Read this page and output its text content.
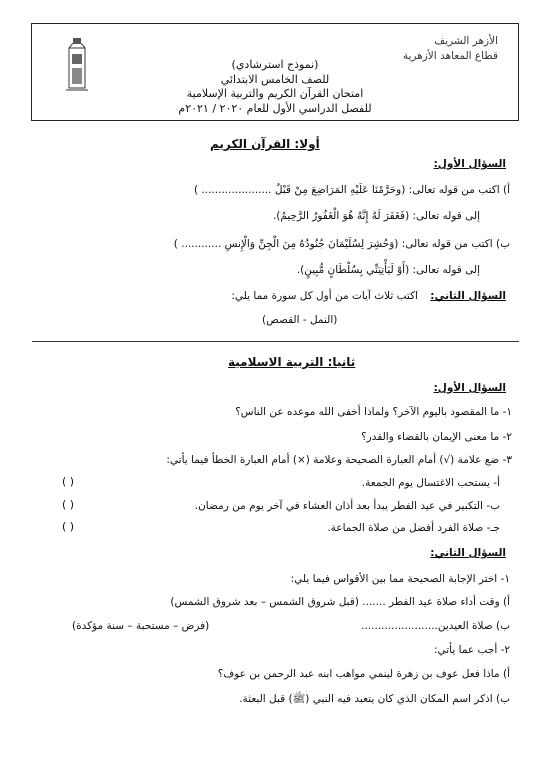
الأزهر الشريف
قطاع المعاهد الأزهرية
(نموذج استرشادي)
للصف الخامس الابتدائي
امتحان القرآن الكريم والتربية الإسلامية
للفصل الدراسي الأول للعام ٢٠٢٠ / ٢٠٢١م
أولا: القرآن الكريم
السؤال الأول:
أ) اكتب من قوله تعالى: (وحَرَّمْنَا عَلَيْهِ المَرَاضِعَ مِنْ قَبْلُ ..................... )
إلى قوله تعالى: (فَغَفَرَ لَهُ إِنَّهُ هُوَ الْغَفُورُ الرَّحِيمُ).
ب) اكتب من قوله تعالى: (وَحُشِرَ لِسُلَيْمَانَ جُنُودُهُ مِنَ الْجِنِّ وَالْإِنسِ ............ )
إلى قوله تعالى: (أَوْ لَيَأْتِيَنِّي بِسُلْطَانٍ مُّبِينٍ).
السؤال الثاني:
اكتب ثلاث آيات من أول كل سورة مما يلي:
(النمل - القصص)
ثانيا: التربية الاسلامية
السؤال الأول:
١- ما المقصود باليوم الآخر؟ ولماذا أخفى الله موعده عن الناس؟
٢- ما معنى الإيمان بالقضاء والقدر؟
٣- ضع علامة (√) أمام العبارة الصحيحة وعلامة (×) أمام العبارة الخطأ فيما يأتي:
أ- يستحب الاغتسال يوم الجمعة.
( )
ب- التكبير في عيد الفطر يبدأ بعد أذان العشاء في آخر يوم من رمضان.
( )
جـ- صلاة الفرد أفضل من صلاة الجماعة.
( )
السؤال الثاني:
١- اختر الإجابة الصحيحة مما بين الأقواس فيما يلي:
أ) وقت أداء صلاة عيد الفطر ....... (قبل شروق الشمس – بعد شروق الشمس)
ب) صلاة العيدين.......................
(فرض – مستحبة – سنة مؤكدة)
٢- أجب عما يأتي:
أ) ماذا فعل عوف بن زهرة لينمي مواهب ابنه عبد الرحمن بن عوف؟
ب) اذكر اسم المكان الذي كان يتعبد فيه النبي (ﷺ) قبل البعثة.
